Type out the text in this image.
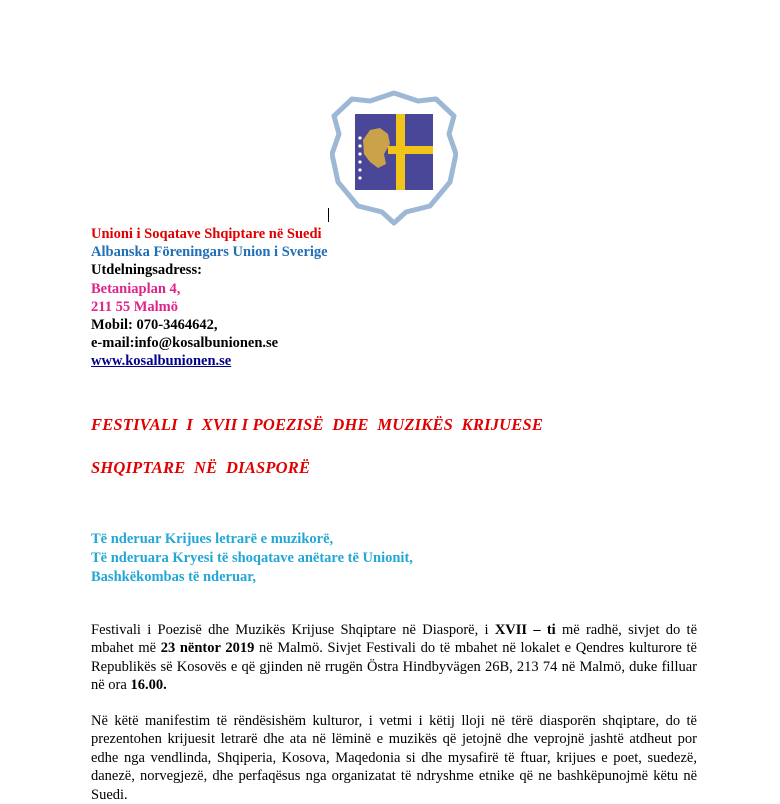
Unioni i Soqatave Shqiptare në Suedi
Albanska Föreningars Union i Sverige
Utdelningsadress:
Betaniaplan 4,
211 55 Malmö
Mobil: 070-3464642,
e-mail:info@kosalbunionen.se
www.kosalbunionen.se
FESTIVALI  I  XVII I POEZISË  DHE  MUZIKËS  KRIJUESE
SHQIPTARE  NË  DIASPORË
Të nderuar Krijues letrarë e muzikorë,
Të nderuara Kryesi të shoqatave anëtare të Unionit,
Bashkëkombas të nderuar,
Festivali i Poezisë dhe Muzikës Krijuse Shqiptare në Diasporë, i XVII – ti më radhë, sivjet do të mbahet më 23 nëntor 2019 në Malmö. Sivjet Festivali do të mbahet në lokalet e Qendres kulturore të Republikës së Kosovës e që gjinden në rrugën Östra Hindbyvägen 26B, 213 74 në Malmö, duke filluar në ora 16.00.
Në këtë manifestim të rëndësishëm kulturor, i vetmi i këtij lloji në tërë diasporën shqiptare, do të prezentohen krijuesit letrarë dhe ata në lëminë e muzikës që jetojnë dhe veprojnë jashtë atdheut por edhe nga vendlinda, Shqiperia, Kosova, Maqedonia si dhe mysafirë të ftuar, krijues e poet, suedezë, danezë, norvegjezë, dhe perfaqësus nga organizatat të ndryshme etnike që ne bashkëpunojmë këtu në Suedi.
